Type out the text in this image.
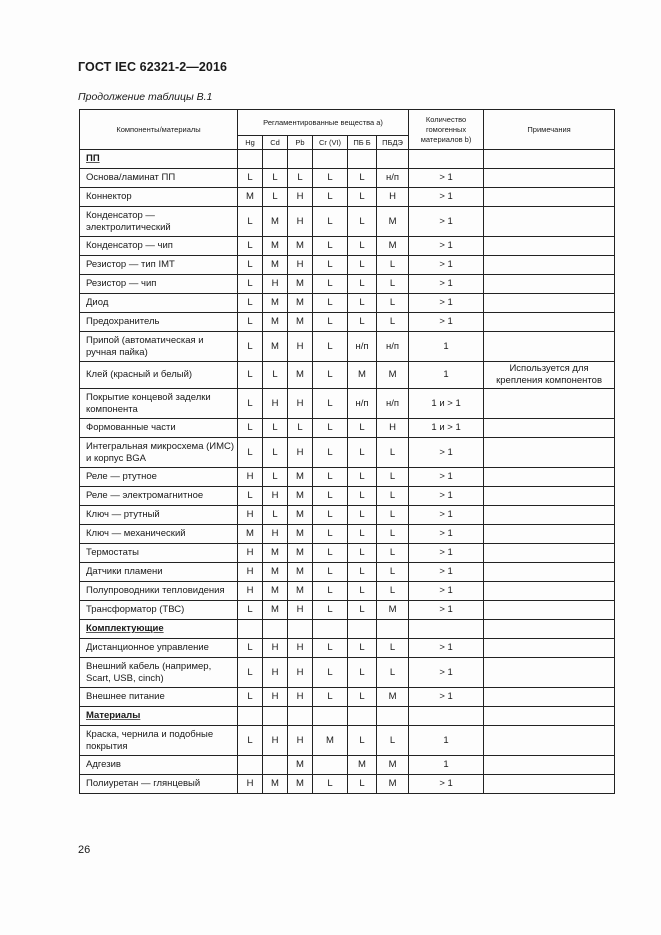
ГОСТ IEC 62321-2—2016
Продолжение таблицы В.1
Компоненты/материалы	Регламентированные вещества а)						Количество гомогенных материалов b)	Примечания
	Hg	Cd	Pb	Cr (VI)	ПБ Б	ПБДЭ		
ПП								
Основа/ламинат ПП	L	L	L	L	L	н/п	> 1	
Коннектор	M	L	H	L	L	H	> 1	
Конденсатор — электролитический	L	M	H	L	L	M	> 1	
Конденсатор — чип	L	M	M	L	L	M	> 1	
Резистор — тип IMT	L	M	H	L	L	L	> 1	
Резистор — чип	L	H	M	L	L	L	> 1	
Диод	L	M	M	L	L	L	> 1	
Предохранитель	L	M	M	L	L	L	> 1	
Припой (автоматическая и ручная пайка)	L	M	H	L	н/п	н/п	1	
Клей (красный и белый)	L	L	M	L	M	M	1	Используется для крепления компонентов
Покрытие концевой заделки компонента	L	H	H	L	н/п	н/п	1 и > 1	
Формованные части	L	L	L	L	L	H	1 и > 1	
Интегральная микросхема (ИМС) и корпус BGA	L	L	H	L	L	L	> 1	
Реле — ртутное	H	L	M	L	L	L	> 1	
Реле — электромагнитное	L	H	M	L	L	L	> 1	
Ключ — ртутный	H	L	M	L	L	L	> 1	
Ключ — механический	M	H	M	L	L	L	> 1	
Термостаты	H	M	M	L	L	L	> 1	
Датчики пламени	H	M	M	L	L	L	> 1	
Полупроводники тепловидения	H	M	M	L	L	L	> 1	
Трансформатор (ТВС)	L	M	H	L	L	M	> 1	
Комплектующие								
Дистанционное управление	L	H	H	L	L	L	> 1	
Внешний кабель (например, Scart, USB, cinch)	L	H	H	L	L	L	> 1	
Внешнее питание	L	H	H	L	L	M	> 1	
Материалы								
Краска, чернила и подобные покрытия	L	H	H	M	L	L	1	
Адгезив			M		M	M	1	
Полиуретан — глянцевый	H	M	M	L	L	M	> 1	
26
